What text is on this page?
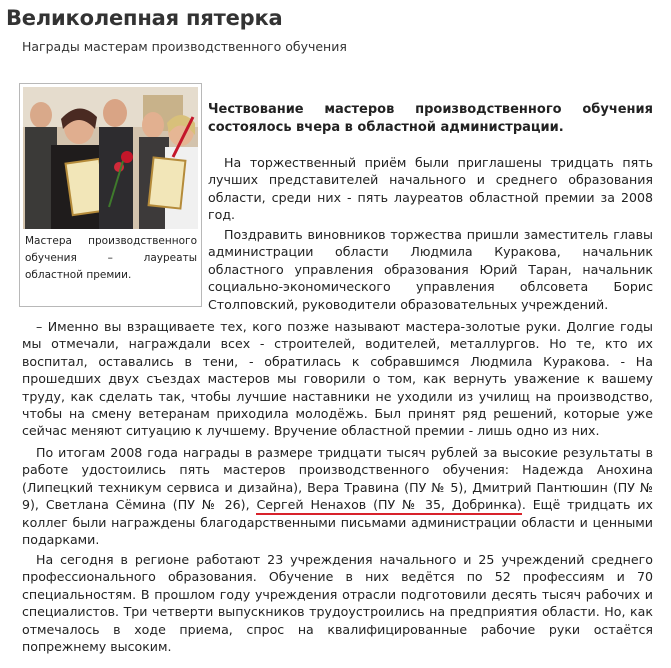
Великолепная пятерка
Награды мастерам производственного обучения
Мастера производственного обучения – лауреаты областной премии.

Чествование мастеров производственного обучения состоялось вчера в областной администрации.

На торжественный приём были приглашены тридцать пять лучших представителей начального и среднего образования области, среди них - пять лауреатов областной премии за 2008 год.

Поздравить виновников торжества пришли заместитель главы администрации области Людмила Куракова, начальник областного управления образования Юрий Таран, начальник социально-экономического управления облсовета Борис Столповский, руководители образовательных учреждений.

– Именно вы взращиваете тех, кого позже называют мастера-золотые руки. Долгие годы мы отмечали, награждали всех - строителей, водителей, металлургов. Но те, кто их воспитал, оставались в тени, - обратилась к собравшимся Людмила Куракова. - На прошедших двух съездах мастеров мы говорили о том, как вернуть уважение к вашему труду, как сделать так, чтобы лучшие наставники не уходили из училищ на производство, чтобы на смену ветеранам приходила молодёжь. Был принят ряд решений, которые уже сейчас меняют ситуацию к лучшему. Вручение областной премии - лишь одно из них.

По итогам 2008 года награды в размере тридцати тысяч рублей за высокие результаты в работе удостоились пять мастеров производственного обучения: Надежда Анохина (Липецкий техникум сервиса и дизайна), Вера Травина (ПУ № 5), Дмитрий Пантюшин (ПУ № 9), Светлана Сёмина (ПУ № 26), Сергей Ненахов (ПУ № 35, Добринка). Ещё тридцать их коллег были награждены благодарственными письмами администрации области и ценными подарками.

На сегодня в регионе работают 23 учреждения начального и 25 учреждений среднего профессионального образования. Обучение в них ведётся по 52 профессиям и 70 специальностям. В прошлом году учреждения отрасли подготовили десять тысяч рабочих и специалистов. Три четверти выпускников трудоустроились на предприятия области. Но, как отмечалось в ходе приема, спрос на квалифицированные рабочие руки остаётся попрежнему высоким.
